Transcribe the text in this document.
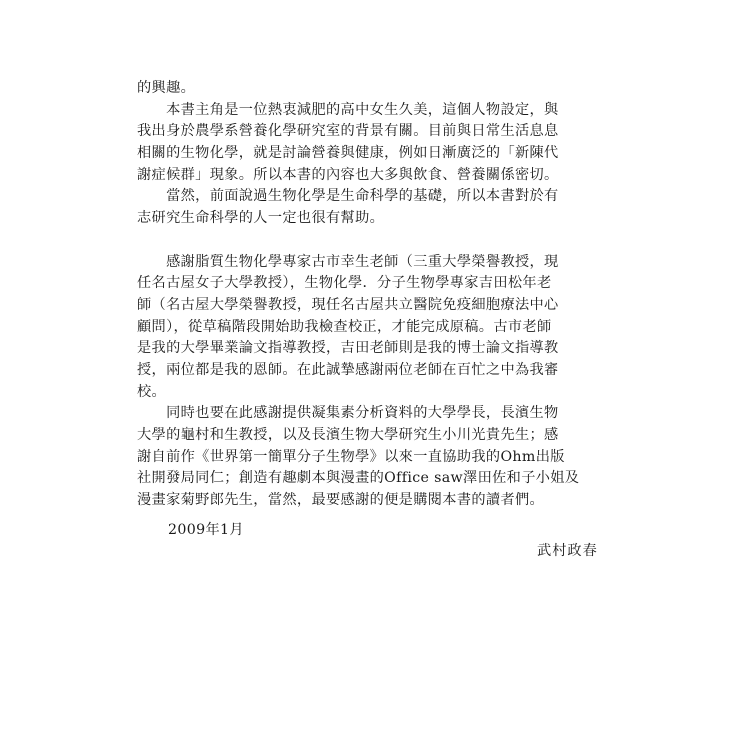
的興趣。
　　本書主角是一位熱衷減肥的高中女生久美，這個人物設定，與
我出身於農學系營養化學研究室的背景有關。目前與日常生活息息
相關的生物化學，就是討論營養與健康，例如日漸廣泛的「新陳代
謝症候群」現象。所以本書的內容也大多與飲食、營養關係密切。
　　當然，前面說過生物化學是生命科學的基礎，所以本書對於有
志研究生命科學的人一定也很有幫助。
　　感謝脂質生物化學專家古市幸生老師（三重大學榮譽教授，現
任名古屋女子大學教授），生物化學．分子生物學專家吉田松年老
師（名古屋大學榮譽教授，現任名古屋共立醫院免疫細胞療法中心
顧問），從草稿階段開始助我檢查校正，才能完成原稿。古市老師
是我的大學畢業論文指導教授，吉田老師則是我的博士論文指導教
授，兩位都是我的恩師。在此誠摯感謝兩位老師在百忙之中為我審
校。
　　同時也要在此感謝提供凝集素分析資料的大學學長，長濱生物
大學的龜村和生教授，以及長濱生物大學研究生小川光貴先生；感
謝自前作《世界第一簡單分子生物學》以來一直協助我的Ohm出版
社開發局同仁；創造有趣劇本與漫畫的Office saw澤田佐和子小姐及
漫畫家菊野郎先生，當然，最要感謝的便是購閱本書的讀者們。
2009年1月
武村政春
